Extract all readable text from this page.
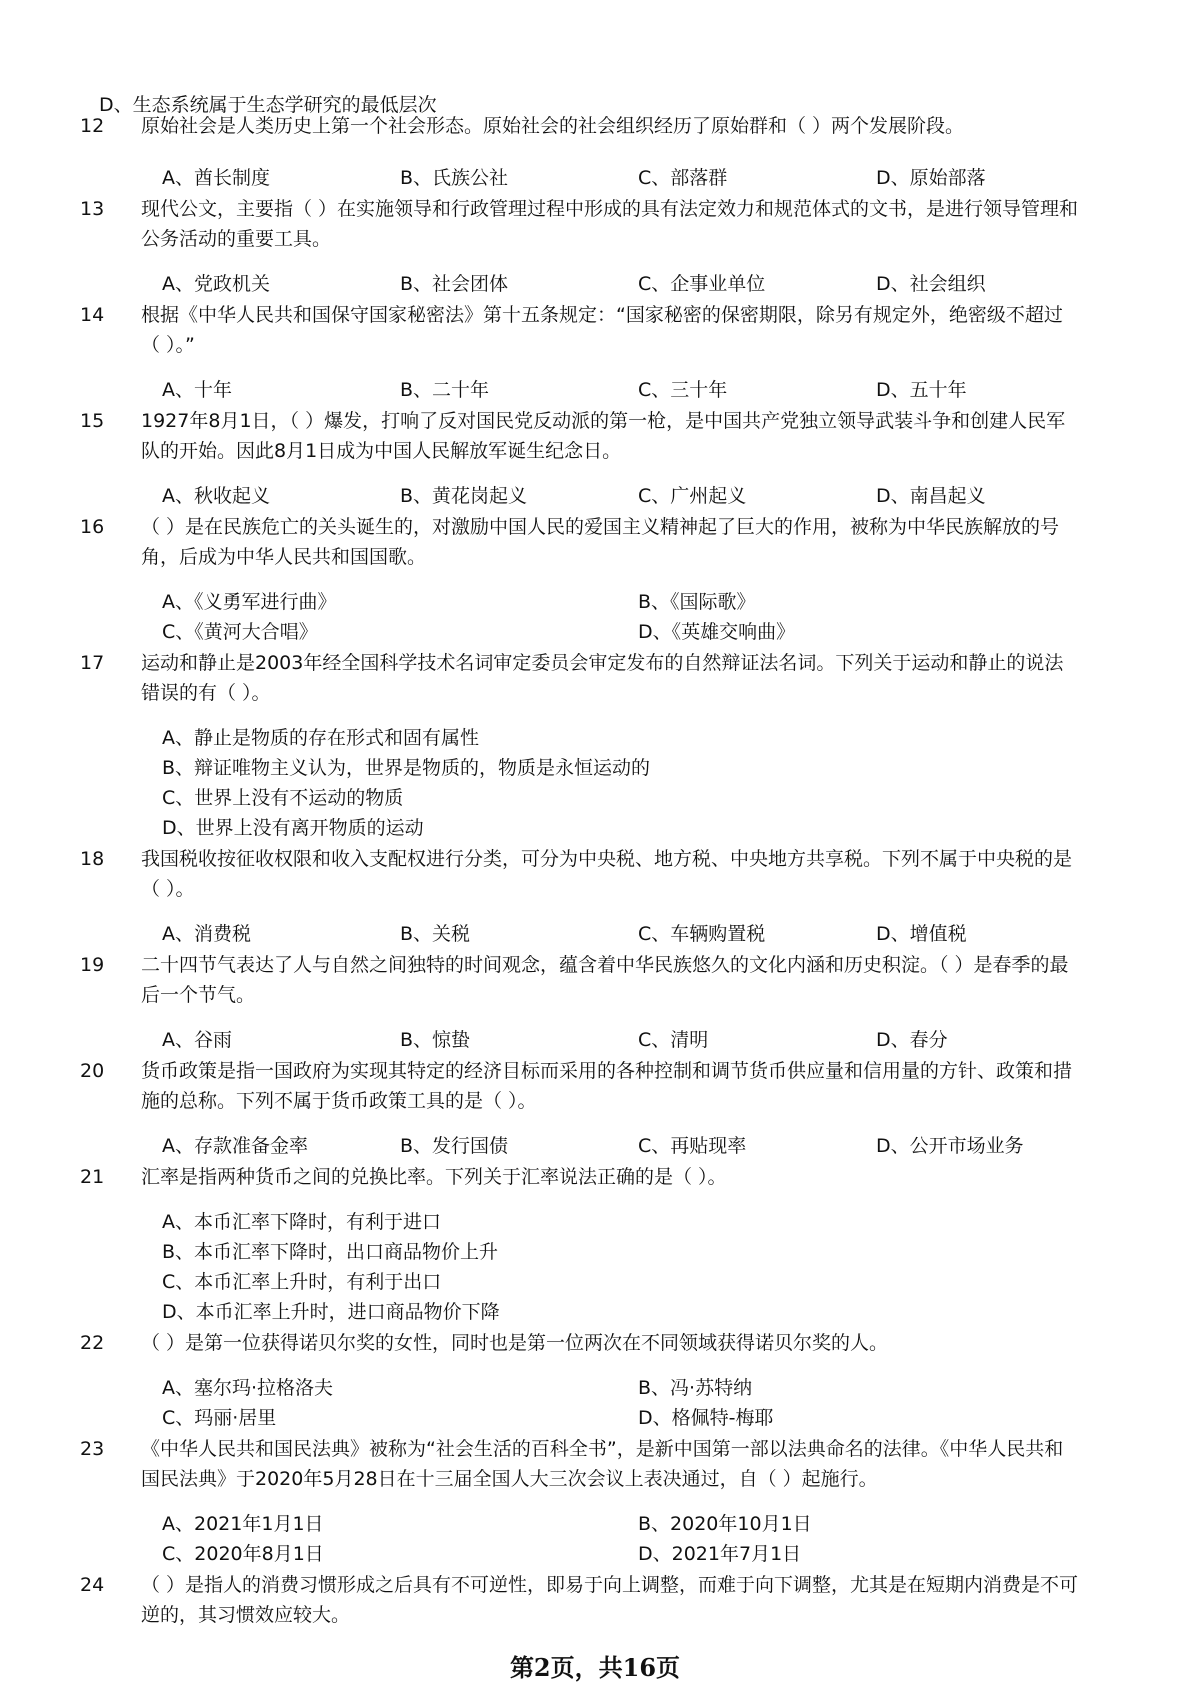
D、生态系统属于生态学研究的最低层次
12 原始社会是人类历史上第一个社会形态。原始社会的社会组织经历了原始群和（ ）两个发展阶段。
A、酋长制度	B、氏族公社	C、部落群	D、原始部落
13 现代公文，主要指（ ）在实施领导和行政管理过程中形成的具有法定效力和规范体式的文书，是进行领导管理和公务活动的重要工具。
A、党政机关	B、社会团体	C、企事业单位	D、社会组织
14 根据《中华人民共和国保守国家秘密法》第十五条规定：“国家秘密的保密期限，除另有规定外，绝密级不超过（ ）。”
A、十年	B、二十年	C、三十年	D、五十年
15 1927年8月1日，（ ）爆发，打响了反对国民党反动派的第一枪，是中国共产党独立领导武装斗争和创建人民军队的开始。因此8月1日成为中国人民解放军诞生纪念日。
A、秋收起义	B、黄花岗起义	C、广州起义	D、南昌起义
16 （ ）是在民族危亡的关头诞生的，对激励中国人民的爱国主义精神起了巨大的作用，被称为中华民族解放的号角，后成为中华人民共和国国歌。
A、《义勇军进行曲》	B、《国际歌》
C、《黄河大合唱》	D、《英雄交响曲》
17 运动和静止是2003年经全国科学技术名词审定委员会审定发布的自然辩证法名词。下列关于运动和静止的说法错误的有（ ）。
A、静止是物质的存在形式和固有属性
B、辩证唯物主义认为，世界是物质的，物质是永恒运动的
C、世界上没有不运动的物质
D、世界上没有离开物质的运动
18 我国税收按征收权限和收入支配权进行分类，可分为中央税、地方税、中央地方共享税。下列不属于中央税的是（ ）。
A、消费税	B、关税	C、车辆购置税	D、增值税
19 二十四节气表达了人与自然之间独特的时间观念，蕴含着中华民族悠久的文化内涵和历史积淀。（ ）是春季的最后一个节气。
A、谷雨	B、惊蛰	C、清明	D、春分
20 货币政策是指一国政府为实现其特定的经济目标而采用的各种控制和调节货币供应量和信用量的方针、政策和措施的总称。下列不属于货币政策工具的是（ ）。
A、存款准备金率	B、发行国债	C、再贴现率	D、公开市场业务
21 汇率是指两种货币之间的兑换比率。下列关于汇率说法正确的是（ ）。
A、本币汇率下降时，有利于进口
B、本币汇率下降时，出口商品物价上升
C、本币汇率上升时，有利于出口
D、本币汇率上升时，进口商品物价下降
22 （ ）是第一位获得诺贝尔奖的女性，同时也是第一位两次在不同领域获得诺贝尔奖的人。
A、塞尔玛·拉格洛夫	B、冯·苏特纳
C、玛丽·居里	D、格佩特-梅耶
23 《中华人民共和国民法典》被称为“社会生活的百科全书”，是新中国第一部以法典命名的法律。《中华人民共和国民法典》于2020年5月28日在十三届全国人大三次会议上表决通过，自（ ）起施行。
A、2021年1月1日	B、2020年10月1日
C、2020年8月1日	D、2021年7月1日
24 （ ）是指人的消费习惯形成之后具有不可逆性，即易于向上调整，而难于向下调整，尤其是在短期内消费是不可逆的，其习惯效应较大。
第2页，共16页
